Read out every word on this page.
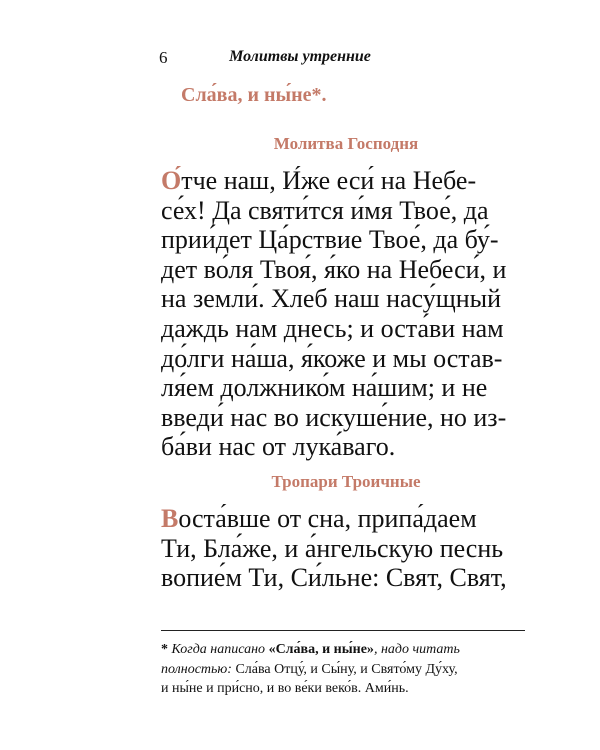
6	Молитвы утренние
Сла́ва, и ны́не*.
Молитва Господня
О́тче наш, И́же еси́ на Небе-
се́х! Да святи́тся и́мя Твое́, да
прии́дет Ца́рствие Твое́, да бу́-
дет во́ля Твоя́, я́ко на Небеси́, и
на земли́. Хлеб наш насу́щный
даждь нам днесь; и оста́ви нам
до́лги на́ша, я́коже и мы остав-
ля́ем должнико́м на́шим; и не
введи́ нас во искуше́ние, но из-
ба́ви нас от лука́ваго.
Тропари Троичные
Воста́вше от сна, припа́даем
Ти, Бла́же, и а́нгельскую песнь
вопие́м Ти, Си́льне: Свят, Свят,
* Когда написано «Сла́ва, и ны́не», надо читать
полностью: Сла́ва Отцу́, и Сы́ну, и Свято́му Ду́ху,
и ны́не и при́сно, и во ве́ки веко́в. Ами́нь.
